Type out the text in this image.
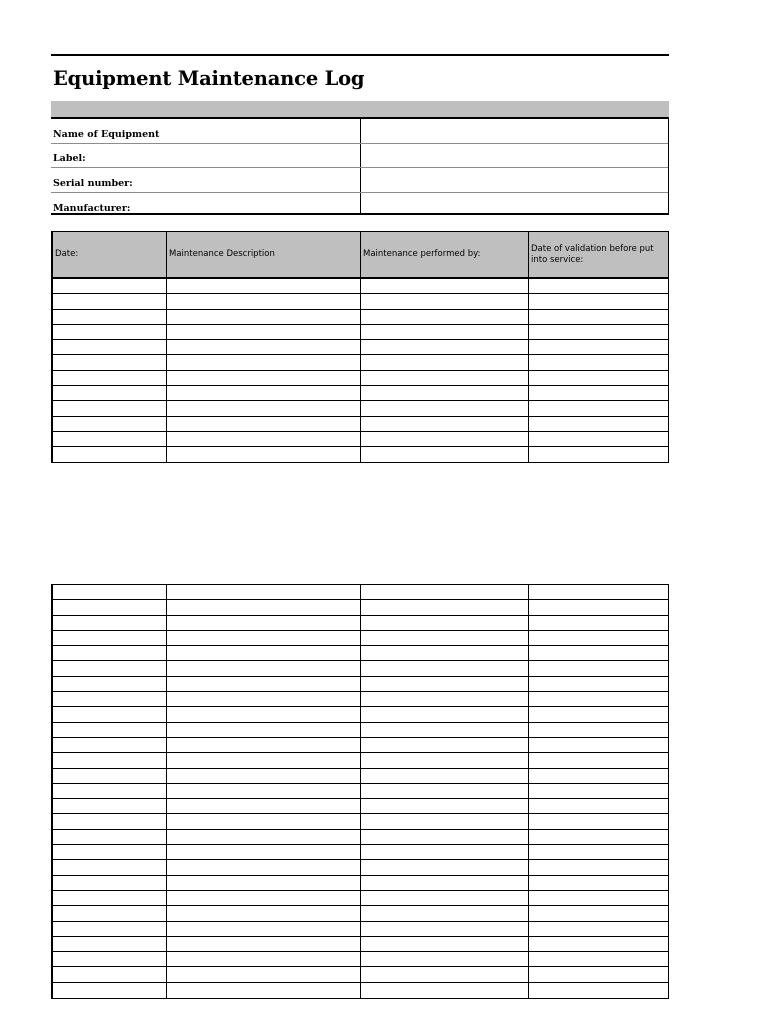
Equipment Maintenance Log
Name of Equipment
Label:
Serial number:
Manufacturer:
Date:	Maintenance Description	Maintenance performed by:
Date of validation before put into service:
